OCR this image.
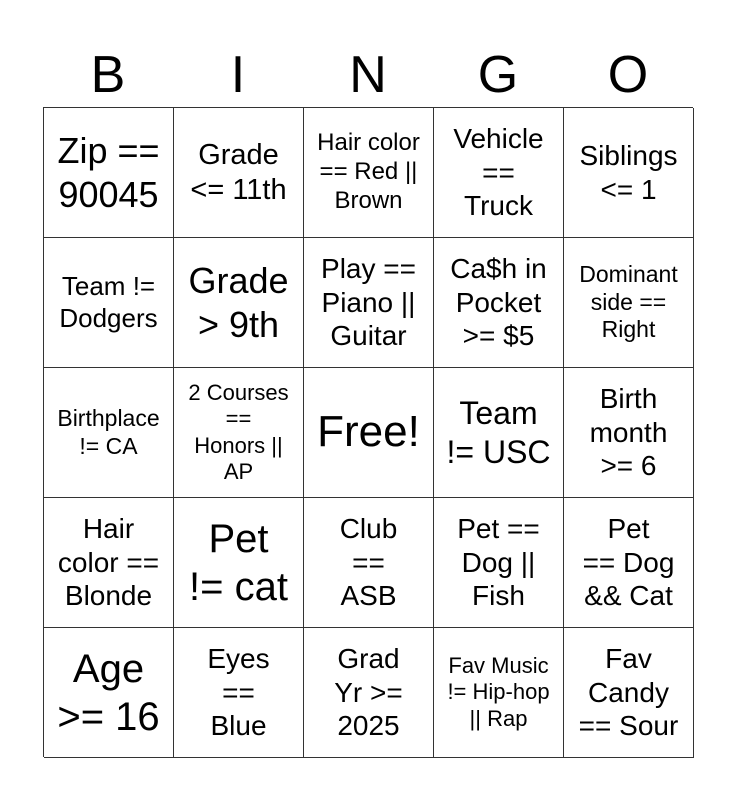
B	I	N	G	O
Zip ==
90045
Grade
<= 11th
Hair color
== Red ||
Brown
Vehicle
==
Truck
Siblings
<= 1
Team !=
Dodgers
Grade
> 9th
Play ==
Piano ||
Guitar
Ca$h in
Pocket
>= $5
Dominant
side ==
Right
Birthplace
!= CA
2 Courses
==
Honors ||
AP
Free!	Team
!= USC
Birth
month
>= 6
Hair
color ==
Blonde
Pet
!= cat
Club
==
ASB
Pet ==
Dog ||
Fish
Pet
== Dog
&& Cat
Age
>= 16
Eyes
==
Blue
Grad
Yr >=
2025
Fav Music
!= Hip-hop
|| Rap
Fav
Candy
== Sour
